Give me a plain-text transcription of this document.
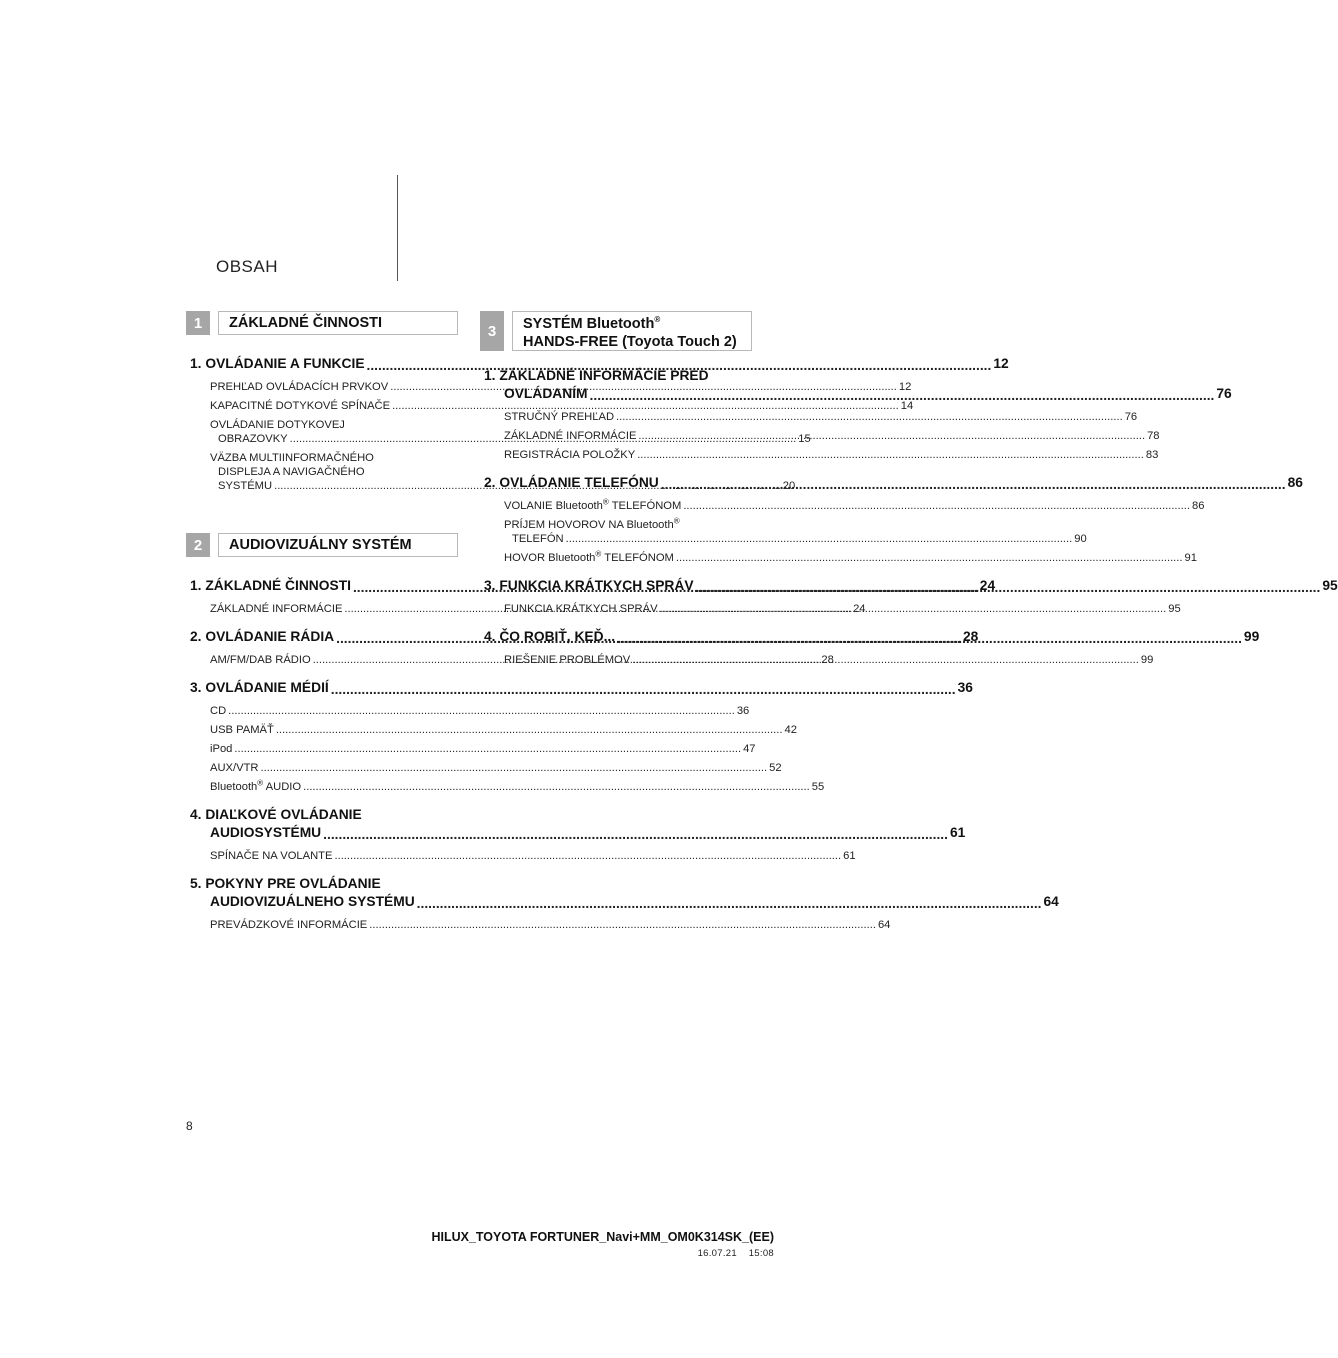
OBSAH
1	ZÁKLADNÉ ČINNOSTI
1. OVLÁDANIE A FUNKCIE .....	12
PREHĽAD OVLÁDACÍCH PRVKOV .....	12
KAPACITNÉ DOTYKOVÉ SPÍNAČE .....	14
OVLÁDANIE DOTYKOVEJ
OBRAZOVKY .....	15
VÄZBA MULTIINFORMAČNÉHO
DISPLEJA A NAVIGAČNÉHO
SYSTÉMU .....	20
2	AUDIOVIZUÁLNY SYSTÉM
1. ZÁKLADNÉ ČINNOSTI .....	24
ZÁKLADNÉ INFORMÁCIE .....	24
2. OVLÁDANIE RÁDIA .....	28
AM/FM/DAB RÁDIO .....	28
3. OVLÁDANIE MÉDIÍ .....	36
CD .....	36
USB PAMÄŤ .....	42
iPod .....	47
AUX/VTR .....	52
Bluetooth® AUDIO .....	55
4. DIAĽKOVÉ OVLÁDANIE
AUDIOSYSTÉMU .....	61
SPÍNAČE NA VOLANTE .....	61
5. POKYNY PRE OVLÁDANIE
AUDIOVIZUÁLNEHO SYSTÉMU .....	64
PREVÁDZKOVÉ INFORMÁCIE .....	64
3	SYSTÉM Bluetooth®
HANDS-FREE (Toyota Touch 2)
1. ZÁKLADNÉ INFORMÁCIE PRED
OVLÁDANÍM .....	76
STRUČNÝ PREHĽAD .....	76
ZÁKLADNÉ INFORMÁCIE .....	78
REGISTRÁCIA POLOŽKY .....	83
2. OVLÁDANIE TELEFÓNU .....	86
VOLANIE Bluetooth® TELEFÓNOM .....	86
PRÍJEM HOVOROV NA Bluetooth®
TELEFÓN .....	90
HOVOR Bluetooth® TELEFÓNOM .....	91
3. FUNKCIA KRÁTKYCH SPRÁV .....	95
FUNKCIA KRÁTKYCH SPRÁV .....	95
4. ČO ROBIŤ, KEĎ... .....	99
RIEŠENIE PROBLÉMOV .....	99
8
HILUX_TOYOTA FORTUNER_Navi+MM_OM0K314SK_(EE)
16.07.21 15:08
